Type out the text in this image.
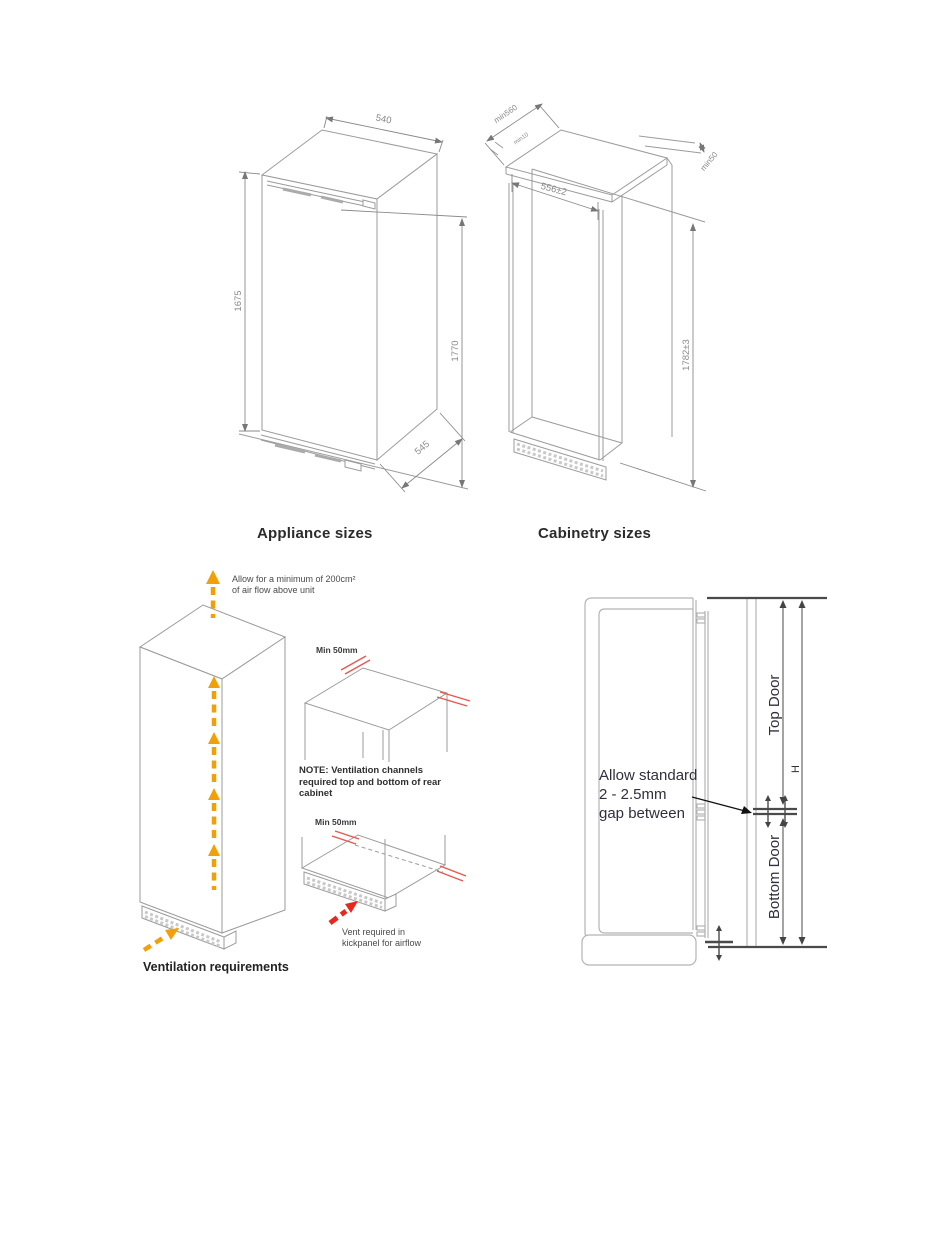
540
1675
1770
545
min560
min10
min50
556±2
1782±3
Appliance sizes	Cabinetry sizes
Allow for a minimum of 200cm²
of air flow above unit
Min 50mm
NOTE: Ventilation channels
required top and bottom of rear
cabinet
Min 50mm
Vent required in
kickpanel for airflow
Ventilation requirements
Top Door
Bottom Door
H
Allow standard
2 - 2.5mm
gap between
